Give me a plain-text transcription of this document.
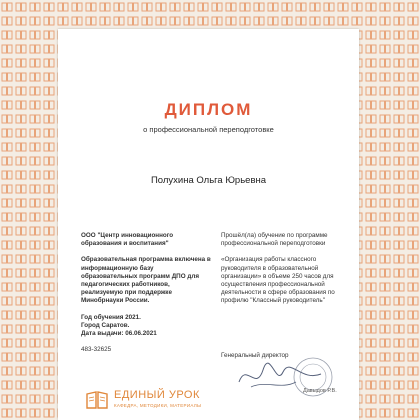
ДИПЛОМ
о профессиональной переподготовке
Полухина Ольга Юрьевна

ООО "Центр инновационного образования и воспитания"

Образовательная программа включена в информационную базу образовательных программ ДПО для педагогических работников, реализуемую при поддержке Минобрнауки России.

Год обучения 2021.
Город Саратов.
Дата выдачи: 06.06.2021
483-32625

Прошёл(ла) обучение по программе профессиональной переподготовки

«Организация работы классного руководителя в образовательной организации» в объеме 250 часов для осуществления профессиональной деятельности в сфере образования по профилю "Классный руководитель"

Генеральный директор
Давыдов Р.В.
ЕДИНЫЙ УРОК
КАФЕДРА, МЕТОДИКИ, МАТЕРИАЛЫ
